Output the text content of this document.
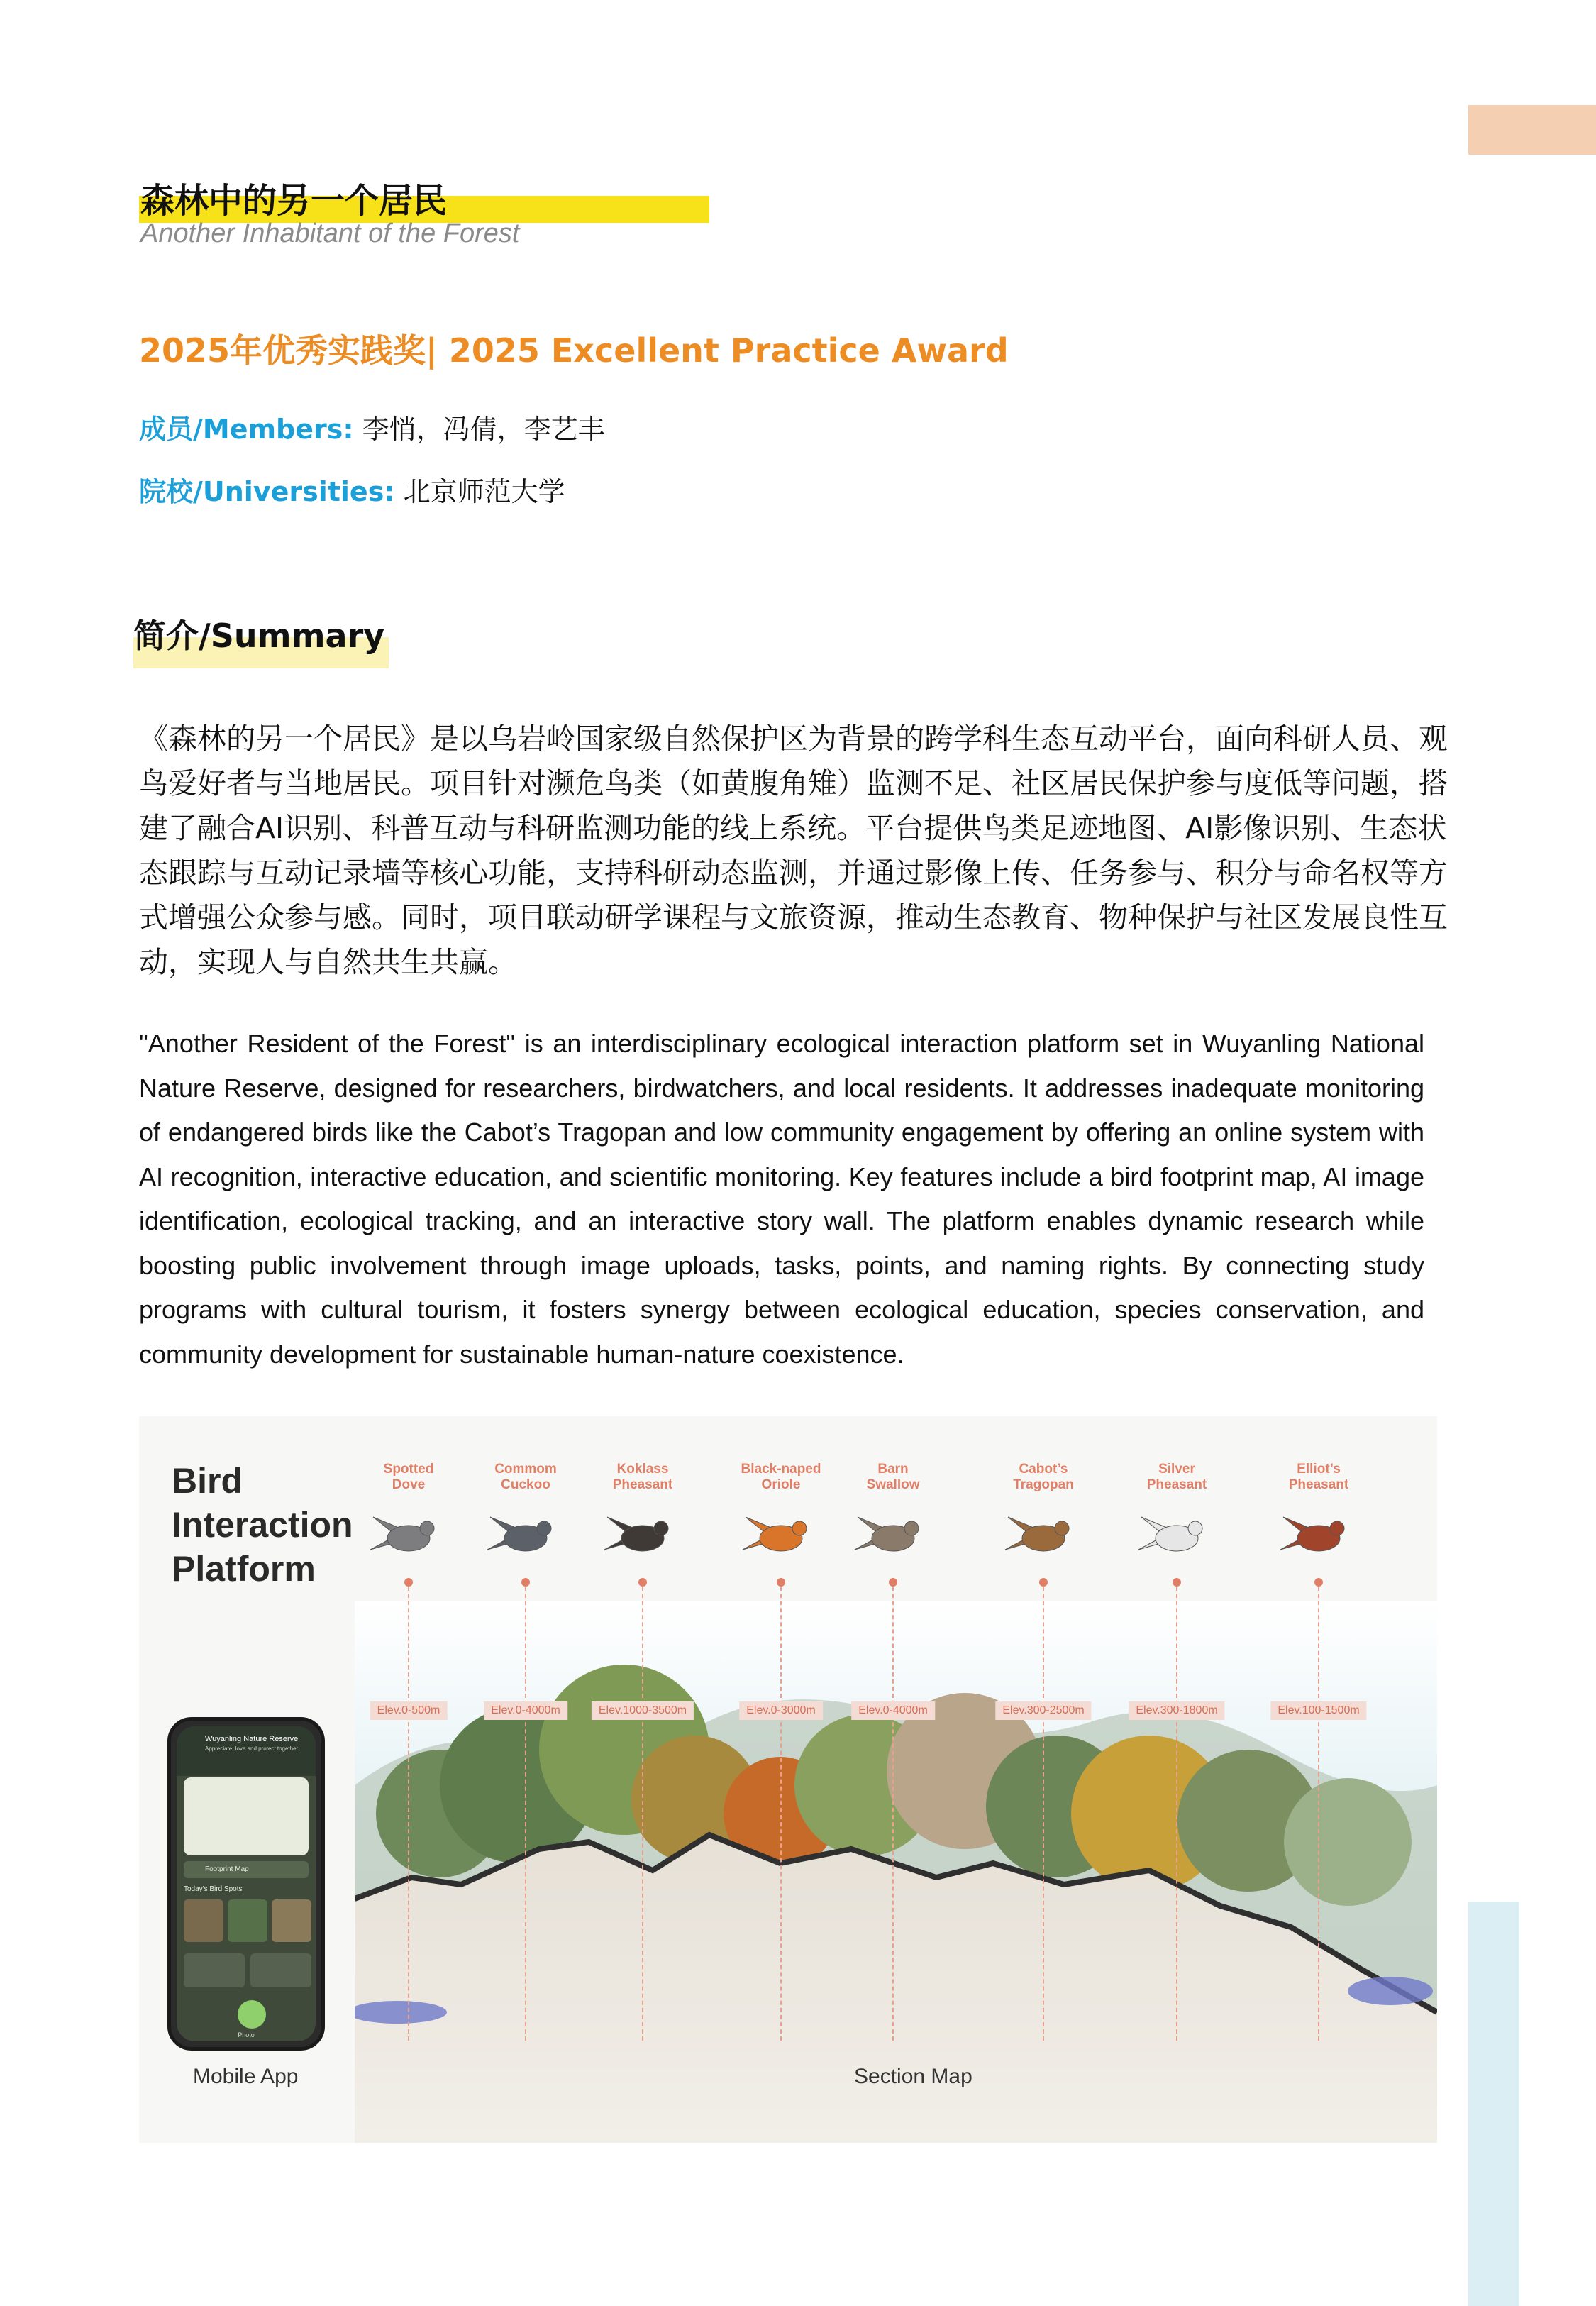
森林中的另一个居民
Another Inhabitant of the Forest
2025年优秀实践奖| 2025 Excellent Practice Award
成员/Members: 李悄，冯倩，李艺丰
院校/Universities: 北京师范大学
简介/Summary

《森林的另一个居民》是以乌岩岭国家级自然保护区为背景的跨学科生态互动平台，面向科研人员、观鸟爱好者与当地居民。项目针对濒危鸟类（如黄腹角雉）监测不足、社区居民保护参与度低等问题，搭建了融合AI识别、科普互动与科研监测功能的线上系统。平台提供鸟类足迹地图、AI影像识别、生态状态跟踪与互动记录墙等核心功能，支持科研动态监测，并通过影像上传、任务参与、积分与命名权等方式增强公众参与感。同时，项目联动研学课程与文旅资源，推动生态教育、物种保护与社区发展良性互动，实现人与自然共生共赢。

"Another Resident of the Forest" is an interdisciplinary ecological interaction platform set in Wuyanling National Nature Reserve, designed for researchers, birdwatchers, and local residents. It addresses inadequate monitoring of endangered birds like the Cabot’s Tragopan and low community engagement by offering an online system with AI recognition, interactive education, and scientific monitoring. Key features include a bird footprint map, AI image identification, ecological tracking, and an interactive story wall. The platform enables dynamic research while boosting public involvement through image uploads, tasks, points, and naming rights. By connecting study programs with cultural tourism, it fosters synergy between ecological education, species conservation, and community development for sustainable human-nature coexistence.

Bird
Interaction
Platform
Spotted
Dove
Elev.0-500m
Commom
Cuckoo
Elev.0-4000m
Koklass
Pheasant
Elev.1000-3500m
Black-naped
Oriole
Elev.0-3000m
Barn
Swallow
Elev.0-4000m
Cabot’s
Tragopan
Elev.300-2500m
Silver
Pheasant
Elev.300-1800m
Elliot’s
Pheasant
Elev.100-1500m
Wuyanling Nature Reserve
Appreciate, love and protect together
Footprint Map
Today's Bird Spots
Photo
Mobile App	Section Map
